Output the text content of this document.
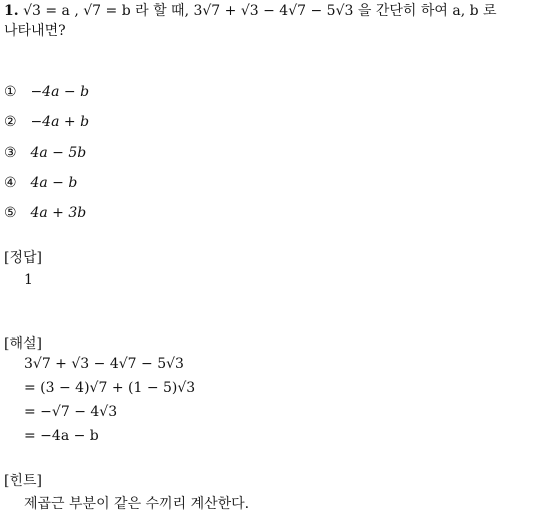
1. √3 = a , √7 = b 라 할 때, 3√7 + √3 − 4√7 − 5√3 을 간단히 하여 a, b 로
나타내면?
① −4a − b
② −4a + b
③ 4a − 5b
④ 4a − b
⑤ 4a + 3b
[정답]
1
[해설]
3√7 + √3 − 4√7 − 5√3
= (3 − 4)√7 + (1 − 5)√3
= −√7 − 4√3
= −4a − b
[힌트]
제곱근 부분이 같은 수끼리 계산한다.
